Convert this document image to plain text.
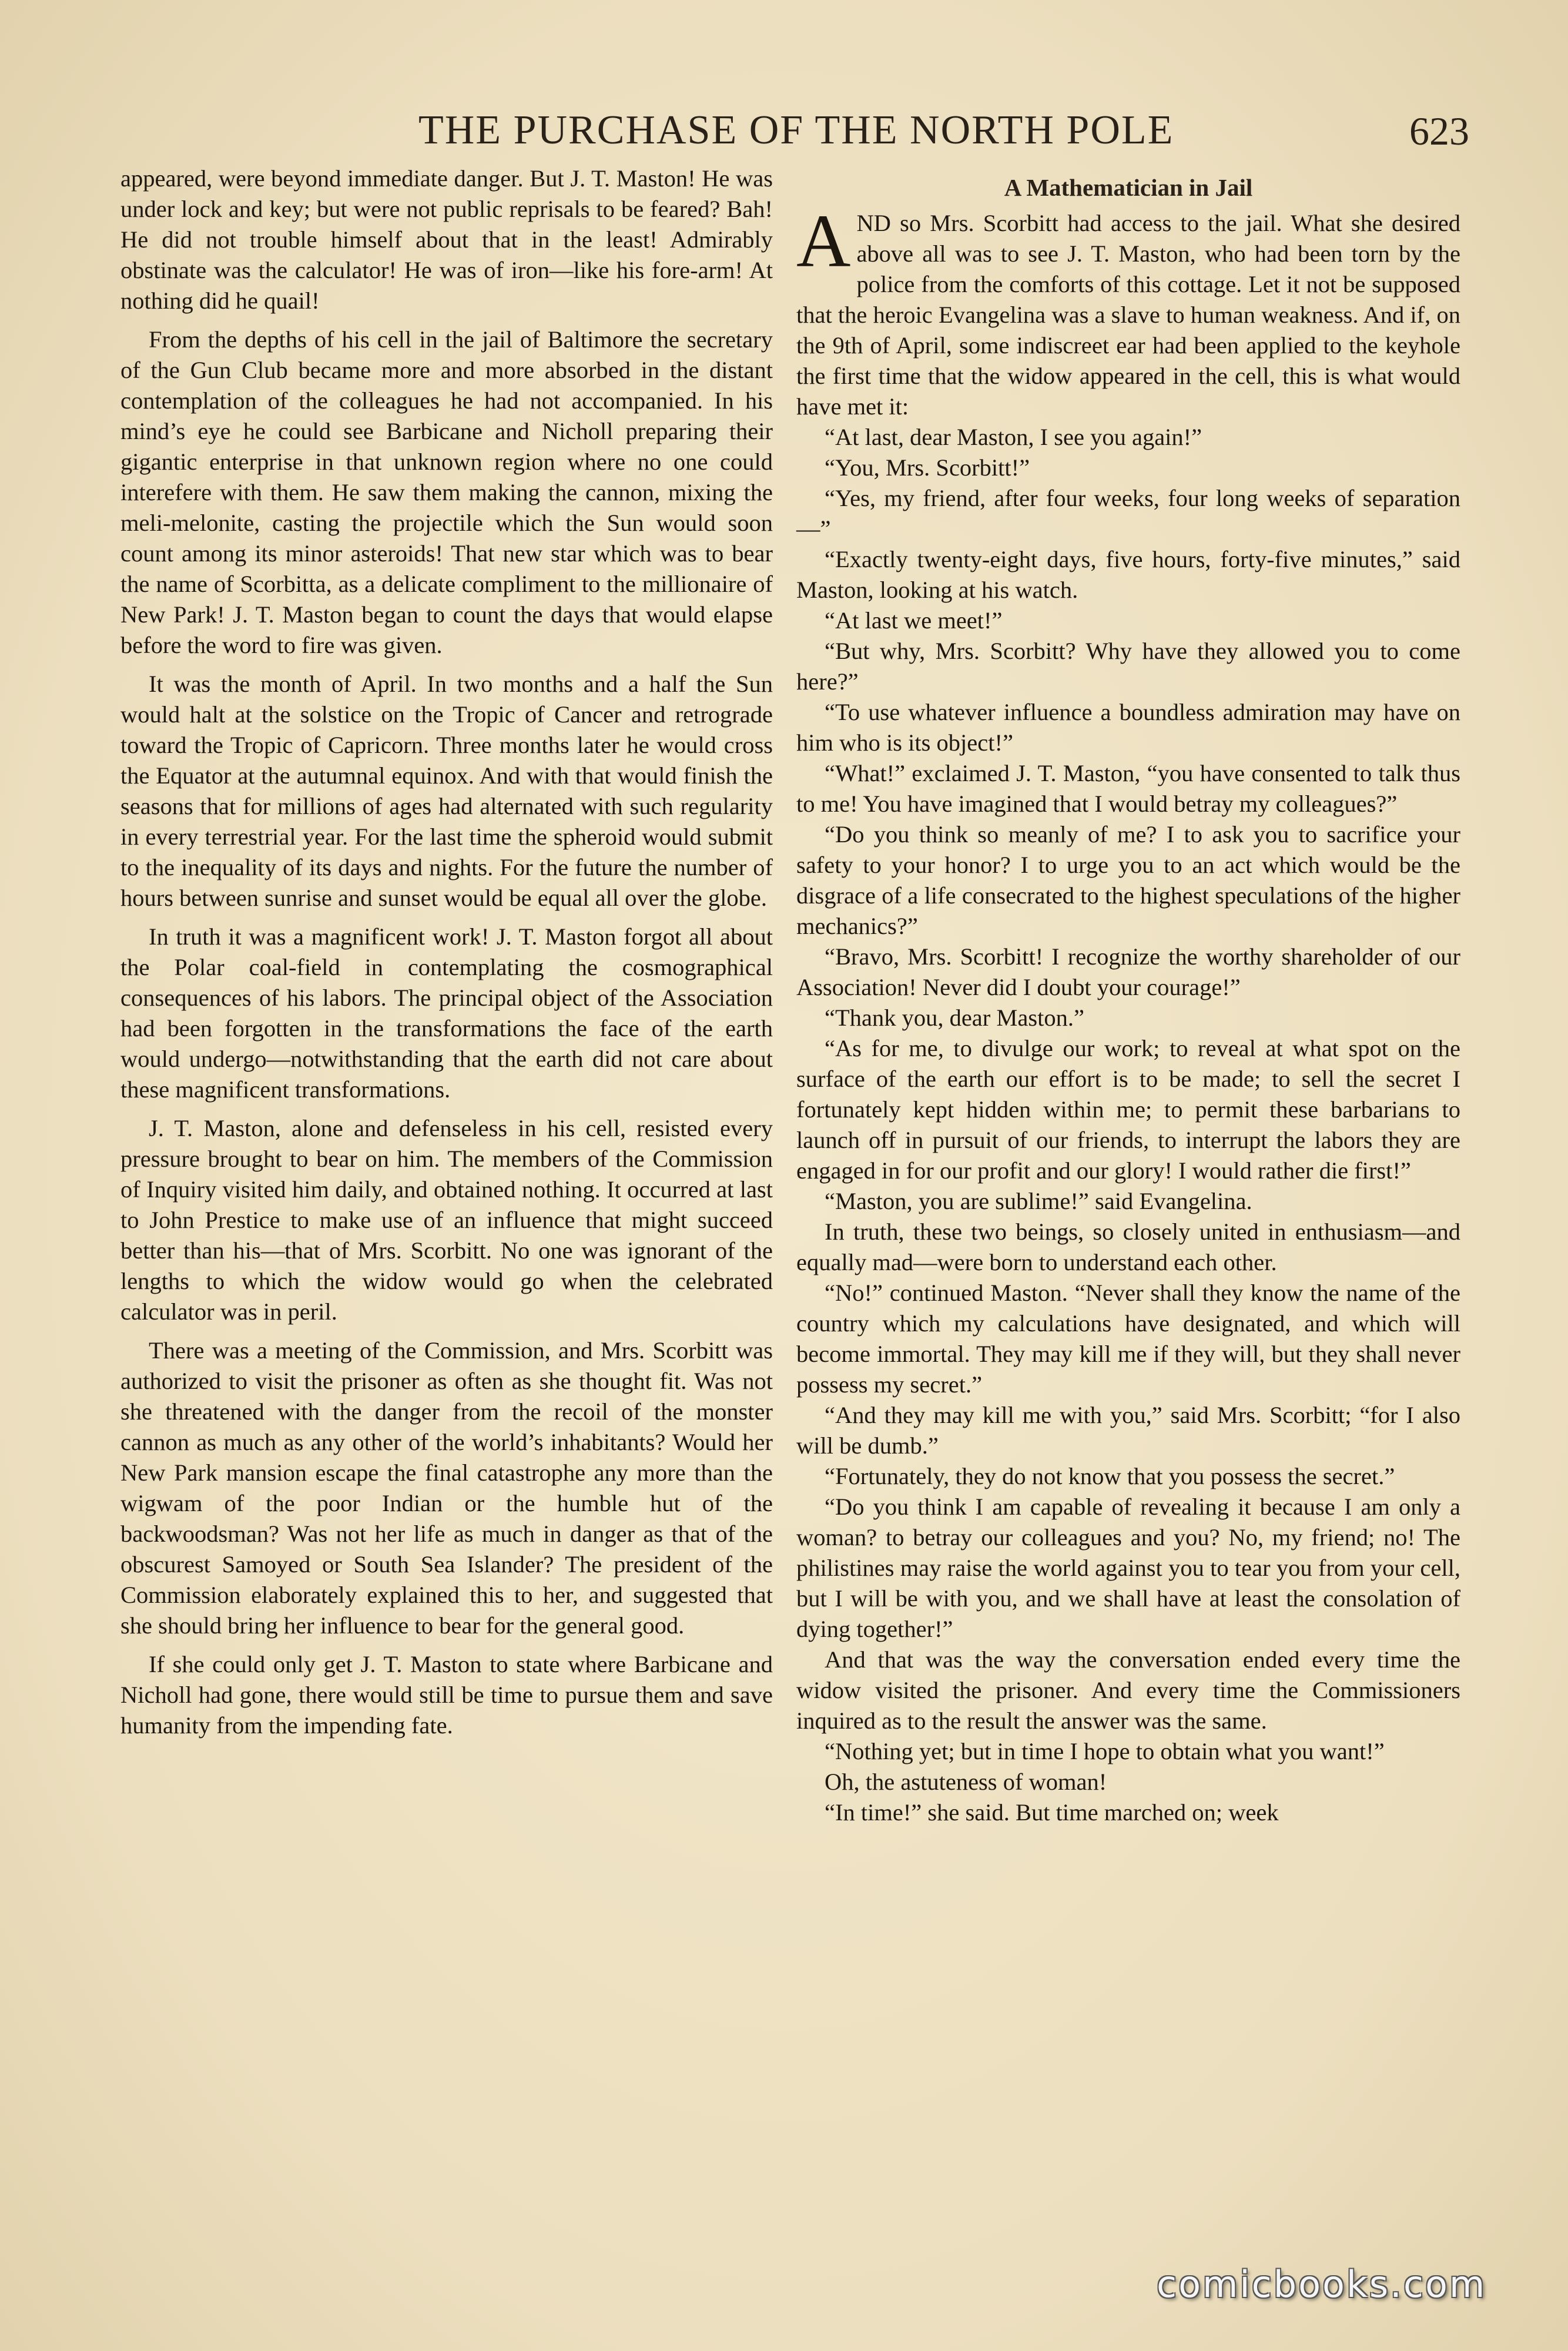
THE PURCHASE OF THE NORTH POLE	623

appeared, were beyond immediate danger. But J. T. Maston! He was under lock and key; but were not public reprisals to be feared? Bah! He did not trouble himself about that in the least! Admirably obstinate was the calculator! He was of iron—like his fore-arm! At nothing did he quail!

From the depths of his cell in the jail of Baltimore the secretary of the Gun Club became more and more absorbed in the distant contemplation of the colleagues he had not accompanied. In his mind’s eye he could see Barbicane and Nicholl preparing their gigantic enterprise in that unknown region where no one could interefere with them. He saw them making the cannon, mixing the meli-melonite, casting the projectile which the Sun would soon count among its minor asteroids! That new star which was to bear the name of Scorbitta, as a delicate compliment to the millionaire of New Park! J. T. Maston began to count the days that would elapse before the word to fire was given.

It was the month of April. In two months and a half the Sun would halt at the solstice on the Tropic of Cancer and retrograde toward the Tropic of Capricorn. Three months later he would cross the Equator at the autumnal equinox. And with that would finish the seasons that for millions of ages had alternated with such regularity in every terrestrial year. For the last time the spheroid would submit to the inequality of its days and nights. For the future the number of hours between sunrise and sunset would be equal all over the globe.

In truth it was a magnificent work! J. T. Maston forgot all about the Polar coal-field in contemplating the cosmographical consequences of his labors. The principal object of the Association had been forgotten in the transformations the face of the earth would undergo—notwithstanding that the earth did not care about these magnificent transformations.

J. T. Maston, alone and defenseless in his cell, resisted every pressure brought to bear on him. The members of the Commission of Inquiry visited him daily, and obtained nothing. It occurred at last to John Prestice to make use of an influence that might succeed better than his—that of Mrs. Scorbitt. No one was ignorant of the lengths to which the widow would go when the celebrated calculator was in peril.

There was a meeting of the Commission, and Mrs. Scorbitt was authorized to visit the prisoner as often as she thought fit. Was not she threatened with the danger from the recoil of the monster cannon as much as any other of the world’s inhabitants? Would her New Park mansion escape the final catastrophe any more than the wigwam of the poor Indian or the humble hut of the backwoodsman? Was not her life as much in danger as that of the obscurest Samoyed or South Sea Islander? The president of the Commission elaborately explained this to her, and suggested that she should bring her influence to bear for the general good.

If she could only get J. T. Maston to state where Barbicane and Nicholl had gone, there would still be time to pursue them and save humanity from the impending fate.

A Mathematician in Jail

AND so Mrs. Scorbitt had access to the jail. What she desired above all was to see J. T. Maston, who had been torn by the police from the comforts of this cottage. Let it not be supposed that the heroic Evangelina was a slave to human weakness. And if, on the 9th of April, some indiscreet ear had been applied to the keyhole the first time that the widow appeared in the cell, this is what would have met it:

“At last, dear Maston, I see you again!”

“You, Mrs. Scorbitt!”

“Yes, my friend, after four weeks, four long weeks of separation—”

“Exactly twenty-eight days, five hours, forty-five minutes,” said Maston, looking at his watch.

“At last we meet!”

“But why, Mrs. Scorbitt? Why have they allowed you to come here?”

“To use whatever influence a boundless admiration may have on him who is its object!”

“What!” exclaimed J. T. Maston, “you have consented to talk thus to me! You have imagined that I would betray my colleagues?”

“Do you think so meanly of me? I to ask you to sacrifice your safety to your honor? I to urge you to an act which would be the disgrace of a life consecrated to the highest speculations of the higher mechanics?”

“Bravo, Mrs. Scorbitt! I recognize the worthy shareholder of our Association! Never did I doubt your courage!”

“Thank you, dear Maston.”

“As for me, to divulge our work; to reveal at what spot on the surface of the earth our effort is to be made; to sell the secret I fortunately kept hidden within me; to permit these barbarians to launch off in pursuit of our friends, to interrupt the labors they are engaged in for our profit and our glory! I would rather die first!”

“Maston, you are sublime!” said Evangelina.

In truth, these two beings, so closely united in enthusiasm—and equally mad—were born to understand each other.

“No!” continued Maston. “Never shall they know the name of the country which my calculations have designated, and which will become immortal. They may kill me if they will, but they shall never possess my secret.”

“And they may kill me with you,” said Mrs. Scorbitt; “for I also will be dumb.”

“Fortunately, they do not know that you possess the secret.”

“Do you think I am capable of revealing it because I am only a woman? to betray our colleagues and you? No, my friend; no! The philistines may raise the world against you to tear you from your cell, but I will be with you, and we shall have at least the consolation of dying together!”

And that was the way the conversation ended every time the widow visited the prisoner. And every time the Commissioners inquired as to the result the answer was the same.

“Nothing yet; but in time I hope to obtain what you want!”

Oh, the astuteness of woman!

“In time!” she said. But time marched on; week

comicbooks.com
